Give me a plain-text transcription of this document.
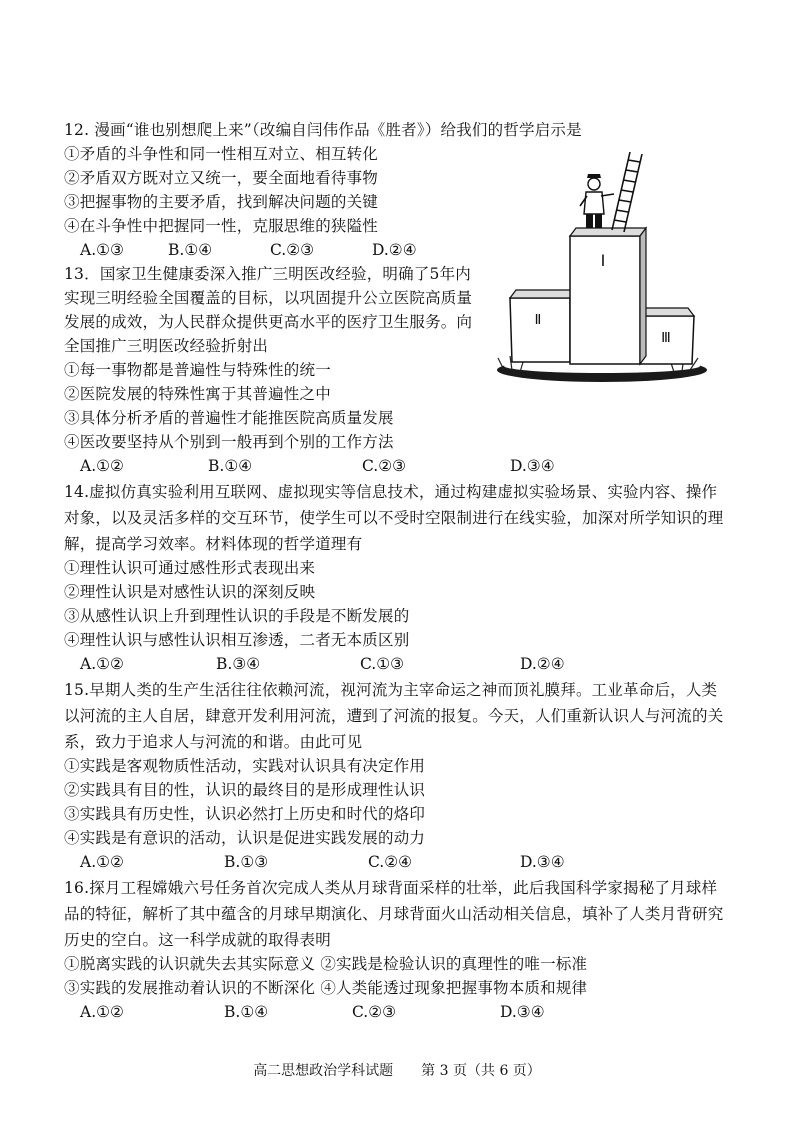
12. 漫画“谁也别想爬上来”（改编自闫伟作品《胜者》）给我们的哲学启示是
①矛盾的斗争性和同一性相互对立、相互转化
②矛盾双方既对立又统一，要全面地看待事物
③把握事物的主要矛盾，找到解决问题的关键
④在斗争性中把握同一性，克服思维的狭隘性
A.①③	B.①④	C.②③	D.②④
Ⅰ
Ⅱ
Ⅲ
13．国家卫生健康委深入推广三明医改经验，明确了5年内
实现三明经验全国覆盖的目标，以巩固提升公立医院高质量
发展的成效，为人民群众提供更高水平的医疗卫生服务。向
全国推广三明医改经验折射出
①每一事物都是普遍性与特殊性的统一
②医院发展的特殊性寓于其普遍性之中
③具体分析矛盾的普遍性才能推医院高质量发展
④医改要坚持从个别到一般再到个别的工作方法
A.①②	B.①④	C.②③	D.③④
14.虚拟仿真实验利用互联网、虚拟现实等信息技术，通过构建虚拟实验场景、实验内容、操作
对象，以及灵活多样的交互环节，使学生可以不受时空限制进行在线实验，加深对所学知识的理
解，提高学习效率。材料体现的哲学道理有
①理性认识可通过感性形式表现出来
②理性认识是对感性认识的深刻反映
③从感性认识上升到理性认识的手段是不断发展的
④理性认识与感性认识相互渗透，二者无本质区别
A.①②	B.③④	C.①③	D.②④
15.早期人类的生产生活往往依赖河流，视河流为主宰命运之神而顶礼膜拜。工业革命后，人类
以河流的主人自居，肆意开发利用河流，遭到了河流的报复。今天，人们重新认识人与河流的关
系，致力于追求人与河流的和谐。由此可见
①实践是客观物质性活动，实践对认识具有决定作用
②实践具有目的性，认识的最终目的是形成理性认识
③实践具有历史性，认识必然打上历史和时代的烙印
④实践是有意识的活动，认识是促进实践发展的动力
A.①②	B.①③	C.②④	D.③④
16.探月工程嫦娥六号任务首次完成人类从月球背面采样的壮举，此后我国科学家揭秘了月球样
品的特征，解析了其中蕴含的月球早期演化、月球背面火山活动相关信息，填补了人类月背研究
历史的空白。这一科学成就的取得表明
①脱离实践的认识就失去其实际意义 ②实践是检验认识的真理性的唯一标准
③实践的发展推动着认识的不断深化 ④人类能透过现象把握事物本质和规律
A.①②	B.①④	C.②③	D.③④
高二思想政治学科试题　　第 3 页（共 6 页）
